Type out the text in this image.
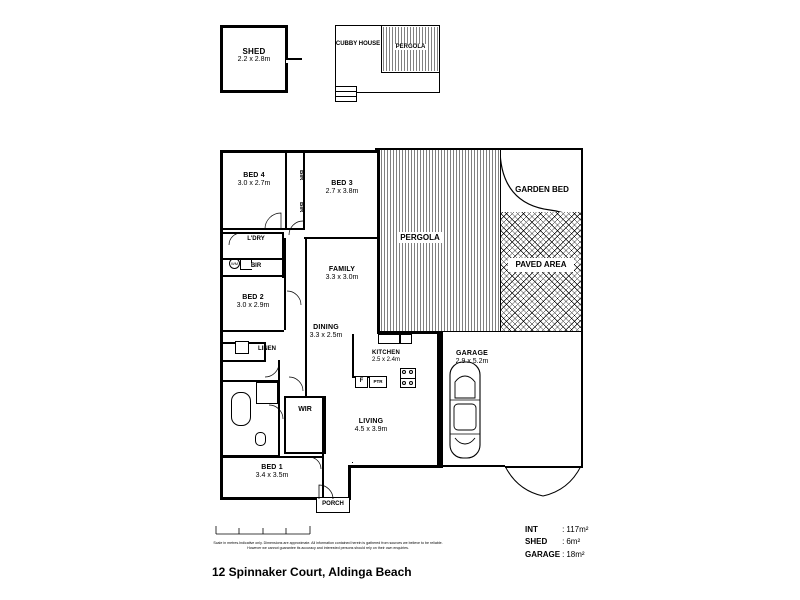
SHED
2.2 x 2.8m
CUBBY HOUSE	PERGOLA
PERGOLA
GARDEN BED
PAVED AREA
WM
PORCH
BED 4
3.0 x 2.7m	BED 3
2.7 x 3.8m
BED 2
3.0 x 2.9m
BED 1
3.4 x 3.5m
FAMILY
3.3 x 3.0m
DINING
3.3 x 2.5m
KITCHEN
2.5 x 2.4m
LIVING
4.5 x 3.9m
GARAGE
2.9 x 5.2m
BIR
BIR
L'DRY
BIR
LINEN
WIR
F	PTR
Scale in metres.Indicative only. Dimensions are approximate. All information contained herein is gathered from sources we believe to be reliable. However we cannot guarantee its accuracy and interested persons should rely on their own enquiries.
INT	:	117m²
SHED	:	6m²
GARAGE	:	18m²
12 Spinnaker Court, Aldinga Beach
